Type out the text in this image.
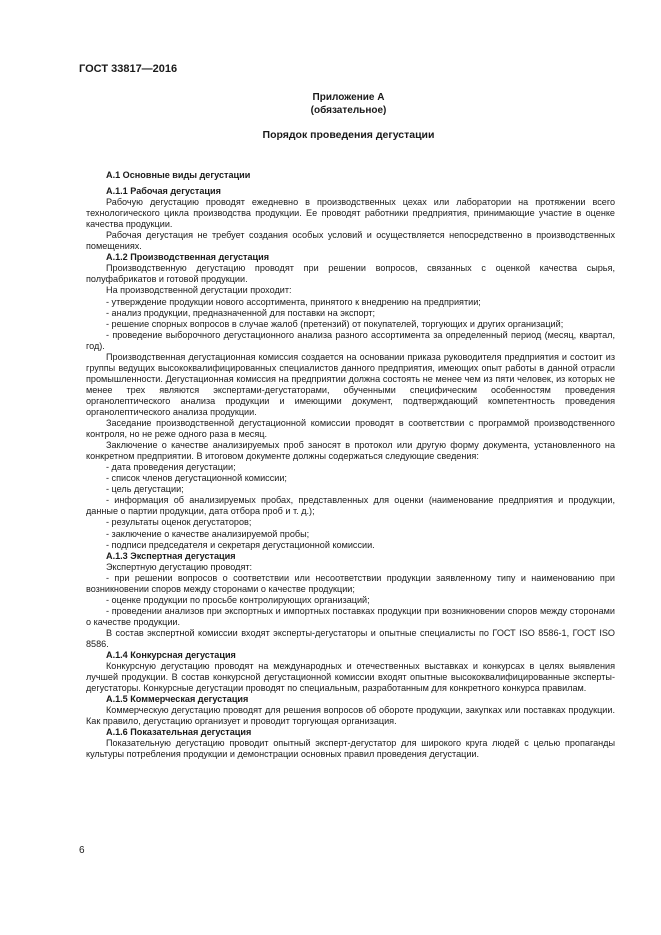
ГОСТ 33817—2016
Приложение А
(обязательное)
Порядок проведения дегустации

А.1 Основные виды дегустации

А.1.1 Рабочая дегустация

Рабочую дегустацию проводят ежедневно в производственных цехах или лаборатории на протяжении всего технологического цикла производства продукции. Ее проводят работники предприятия, принимающие участие в оценке качества продукции.

Рабочая дегустация не требует создания особых условий и осуществляется непосредственно в производственных помещениях.

А.1.2 Производственная дегустация

Производственную дегустацию проводят при решении вопросов, связанных с оценкой качества сырья, полуфабрикатов и готовой продукции.

На производственной дегустации проходит:

- утверждение продукции нового ассортимента, принятого к внедрению на предприятии;

- анализ продукции, предназначенной для поставки на экспорт;

- решение спорных вопросов в случае жалоб (претензий) от покупателей, торгующих и других организаций;

- проведение выборочного дегустационного анализа разного ассортимента за определенный период (месяц, квартал, год).

Производственная дегустационная комиссия создается на основании приказа руководителя предприятия и состоит из группы ведущих высококвалифицированных специалистов данного предприятия, имеющих опыт работы в данной отрасли промышленности. Дегустационная комиссия на предприятии должна состоять не менее чем из пяти человек, из которых не менее трех являются экспертами-дегустаторами, обученными специфическим особенностям проведения органолептического анализа продукции и имеющими документ, подтверждающий компетентность проведения органолептического анализа продукции.

Заседание производственной дегустационной комиссии проводят в соответствии с программой производственного контроля, но не реже одного раза в месяц.

Заключение о качестве анализируемых проб заносят в протокол или другую форму документа, установленного на конкретном предприятии. В итоговом документе должны содержаться следующие сведения:

- дата проведения дегустации;

- список членов дегустационной комиссии;

- цель дегустации;

- информация об анализируемых пробах, представленных для оценки (наименование предприятия и продукции, данные о партии продукции, дата отбора проб и т. д.);

- результаты оценок дегустаторов;

- заключение о качестве анализируемой пробы;

- подписи председателя и секретаря дегустационной комиссии.

А.1.3 Экспертная дегустация

Экспертную дегустацию проводят:

- при решении вопросов о соответствии или несоответствии продукции заявленному типу и наименованию при возникновении споров между сторонами о качестве продукции;

- оценке продукции по просьбе контролирующих организаций;

- проведении анализов при экспортных и импортных поставках продукции при возникновении споров между сторонами о качестве продукции.

В состав экспертной комиссии входят эксперты-дегустаторы и опытные специалисты по ГОСТ ISO 8586-1, ГОСТ ISO 8586.

А.1.4 Конкурсная дегустация

Конкурсную дегустацию проводят на международных и отечественных выставках и конкурсах в целях выявления лучшей продукции. В состав конкурсной дегустационной комиссии входят опытные высококвалифицированные эксперты-дегустаторы. Конкурсные дегустации проводят по специальным, разработанным для конкретного конкурса правилам.

А.1.5 Коммерческая дегустация

Коммерческую дегустацию проводят для решения вопросов об обороте продукции, закупках или поставках продукции. Как правило, дегустацию организует и проводит торгующая организация.

А.1.6 Показательная дегустация

Показательную дегустацию проводит опытный эксперт-дегустатор для широкого круга людей с целью пропаганды культуры потребления продукции и демонстрации основных правил проведения дегустации.

6
